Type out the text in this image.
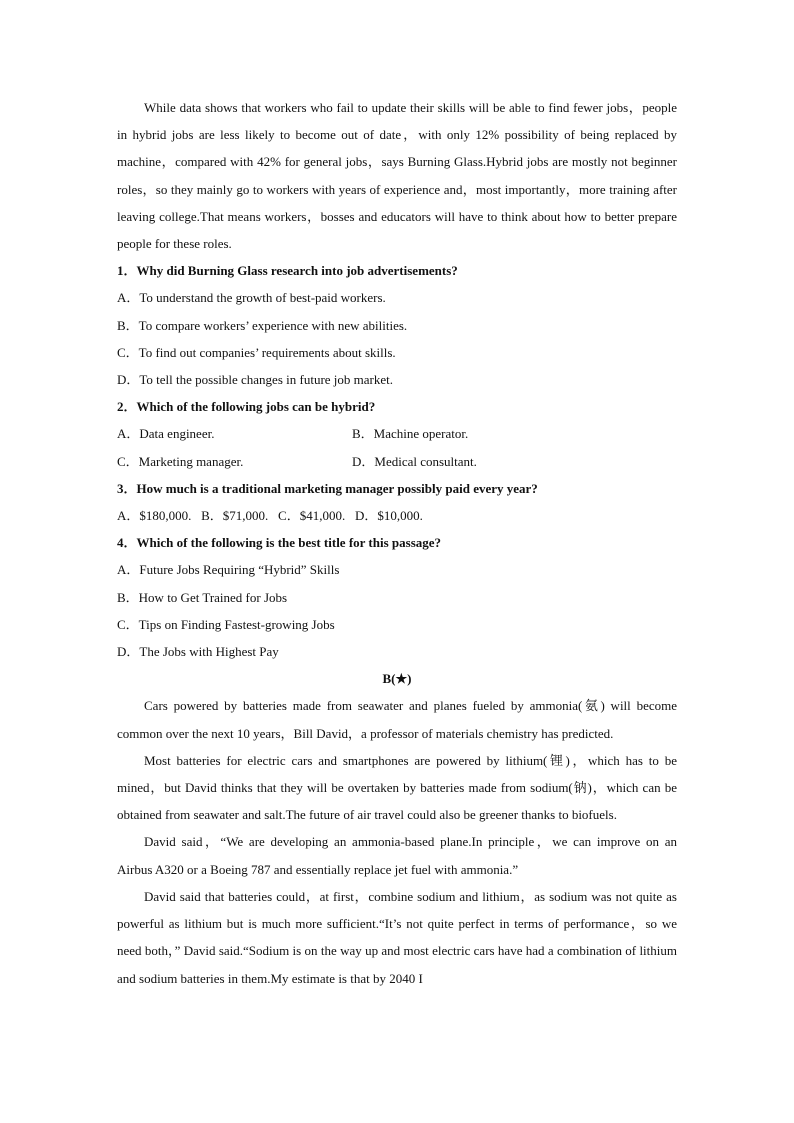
While data shows that workers who fail to update their skills will be able to find fewer jobs，people in hybrid jobs are less likely to become out of date，with only 12% possibility of being replaced by machine，compared with 42% for general jobs，says Burning Glass.Hybrid jobs are mostly not beginner roles，so they mainly go to workers with years of experience and，most importantly，more training after leaving college.That means workers，bosses and educators will have to think about how to better prepare people for these roles.

1．Why did Burning Glass research into job advertisements?

A．To understand the growth of best-paid workers.

B．To compare workers’ experience with new abilities.

C．To find out companies’ requirements about skills.

D．To tell the possible changes in future job market.

2．Which of the following jobs can be hybrid?

A．Data engineer.	B．Machine operator.
C．Marketing manager.	D．Medical consultant.

3．How much is a traditional marketing manager possibly paid every year?

A．$180,000.   B．$71,000.   C．$41,000.   D．$10,000.

4．Which of the following is the best title for this passage?

A．Future Jobs Requiring “Hybrid” Skills

B．How to Get Trained for Jobs

C．Tips on Finding Fastest-growing Jobs

D．The Jobs with Highest Pay

B(★)

Cars powered by batteries made from seawater and planes fueled by ammonia(氨) will become common over the next 10 years，Bill David，a professor of materials chemistry has predicted.

Most batteries for electric cars and smartphones are powered by lithium(锂)，which has to be mined，but David thinks that they will be overtaken by batteries made from sodium(钠)，which can be obtained from seawater and salt.The future of air travel could also be greener thanks to biofuels.

David said，“We are developing an ammonia-based plane.In principle，we can improve on an Airbus A320 or a Boeing 787 and essentially replace jet fuel with ammonia.”

David said that batteries could，at first，combine sodium and lithium，as sodium was not quite as powerful as lithium but is much more sufficient.“It’s not quite perfect in terms of performance，so we need both，” David said.“Sodium is on the way up and most electric cars have had a combination of lithium and sodium batteries in them.My estimate is that by 2040 I
